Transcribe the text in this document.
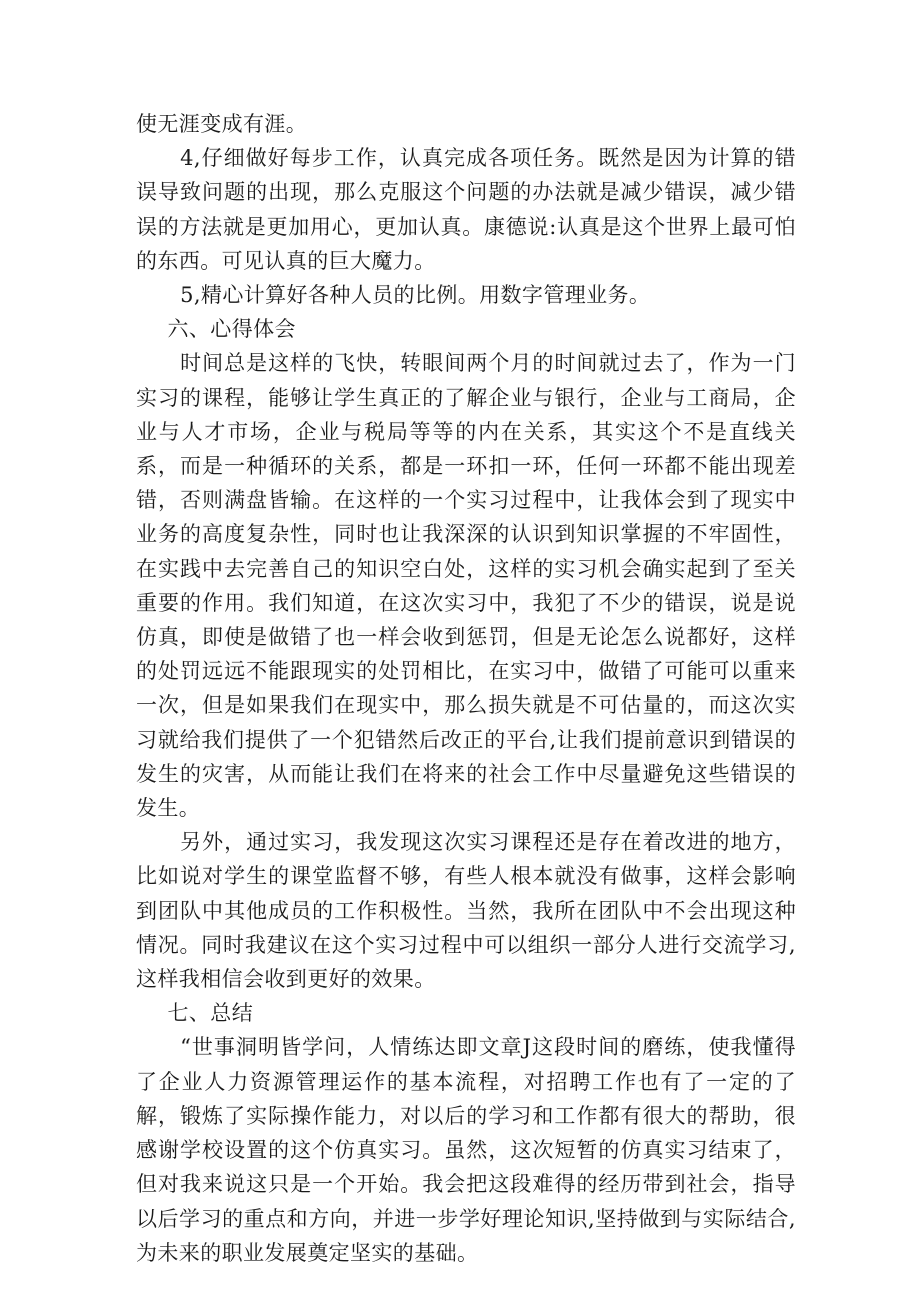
使无涯变成有涯。

4,仔细做好每步工作，认真完成各项任务。既然是因为计算的错误导致问题的出现，那么克服这个问题的办法就是减少错误，减少错误的方法就是更加用心，更加认真。康德说:认真是这个世界上最可怕的东西。可见认真的巨大魔力。

5,精心计算好各种人员的比例。用数字管理业务。

六、心得体会

时间总是这样的飞快，转眼间两个月的时间就过去了，作为一门实习的课程，能够让学生真正的了解企业与银行，企业与工商局，企业与人才市场，企业与税局等等的内在关系，其实这个不是直线关系，而是一种循环的关系，都是一环扣一环，任何一环都不能出现差错，否则满盘皆输。在这样的一个实习过程中，让我体会到了现实中业务的高度复杂性，同时也让我深深的认识到知识掌握的不牢固性，在实践中去完善自己的知识空白处，这样的实习机会确实起到了至关重要的作用。我们知道，在这次实习中，我犯了不少的错误，说是说仿真，即使是做错了也一样会收到惩罚，但是无论怎么说都好，这样的处罚远远不能跟现实的处罚相比，在实习中，做错了可能可以重来一次，但是如果我们在现实中，那么损失就是不可估量的，而这次实习就给我们提供了一个犯错然后改正的平台,让我们提前意识到错误的发生的灾害，从而能让我们在将来的社会工作中尽量避免这些错误的发生。

另外，通过实习，我发现这次实习课程还是存在着改进的地方，比如说对学生的课堂监督不够，有些人根本就没有做事，这样会影响到团队中其他成员的工作积极性。当然，我所在团队中不会出现这种情况。同时我建议在这个实习过程中可以组织一部分人进行交流学习,这样我相信会收到更好的效果。

七、总结

“世事洞明皆学问，人情练达即文章J这段时间的磨练，使我懂得了企业人力资源管理运作的基本流程，对招聘工作也有了一定的了解，锻炼了实际操作能力，对以后的学习和工作都有很大的帮助，很感谢学校设置的这个仿真实习。虽然，这次短暂的仿真实习结束了，但对我来说这只是一个开始。我会把这段难得的经历带到社会，指导以后学习的重点和方向，并进一步学好理论知识,坚持做到与实际结合,为未来的职业发展奠定坚实的基础。
